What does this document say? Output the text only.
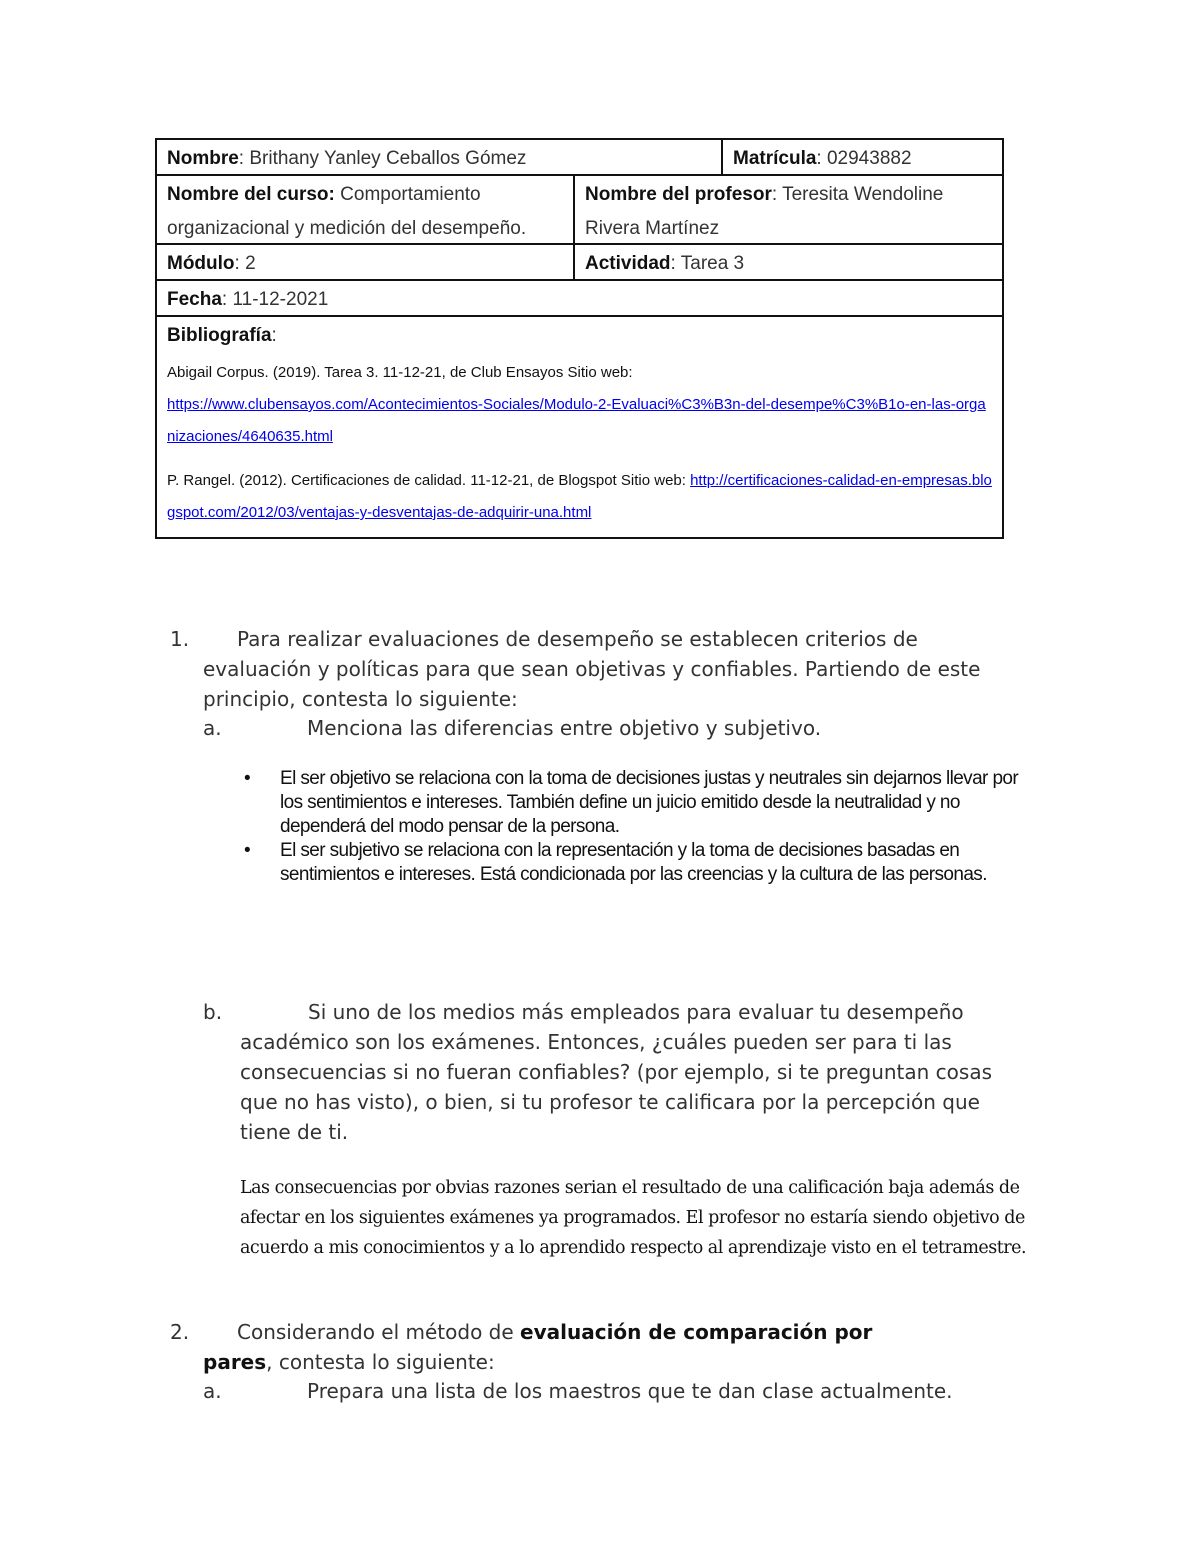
Nombre: Brithany Yanley Ceballos Gómez	Matrícula: 02943882
Nombre del curso: Comportamiento organizacional y medición del desempeño.
Nombre del profesor: Teresita Wendoline Rivera Martínez
Módulo: 2	Actividad: Tarea 3
Fecha: 11-12-2021
Bibliografía:
Abigail Corpus. (2019). Tarea 3. 11-12-21, de Club Ensayos Sitio web:
https://www.clubensayos.com/Acontecimientos-Sociales/Modulo-2-Evaluaci%C3%B3n-del-desempe%C3%B1o-en-las-organizaciones/4640635.html
P. Rangel. (2012). Certificaciones de calidad. 11-12-21, de Blogspot Sitio web: http://certificaciones-calidad-en-empresas.blogspot.com/2012/03/ventajas-y-desventajas-de-adquirir-una.html
1.	Para realizar evaluaciones de desempeño se establecen criterios de evaluación y políticas para que sean objetivas y confiables. Partiendo de este principio, contesta lo siguiente:
a.	Menciona las diferencias entre objetivo y subjetivo.
• El ser objetivo se relaciona con la toma de decisiones justas y neutrales sin dejarnos llevar por los sentimientos e intereses. También define un juicio emitido desde la neutralidad y no dependerá del modo pensar de la persona.
• El ser subjetivo se relaciona con la representación y la toma de decisiones basadas en sentimientos e intereses. Está condicionada por las creencias y la cultura de las personas.
b.	Si uno de los medios más empleados para evaluar tu desempeño académico son los exámenes. Entonces, ¿cuáles pueden ser para ti las consecuencias si no fueran confiables? (por ejemplo, si te preguntan cosas que no has visto), o bien, si tu profesor te calificara por la percepción que tiene de ti.
Las consecuencias por obvias razones serian el resultado de una calificación baja además de afectar en los siguientes exámenes ya programados. El profesor no estaría siendo objetivo de acuerdo a mis conocimientos y a lo aprendido respecto al aprendizaje visto en el tetramestre.
2.	Considerando el método de evaluación de comparación por pares, contesta lo siguiente:
a.	Prepara una lista de los maestros que te dan clase actualmente.
